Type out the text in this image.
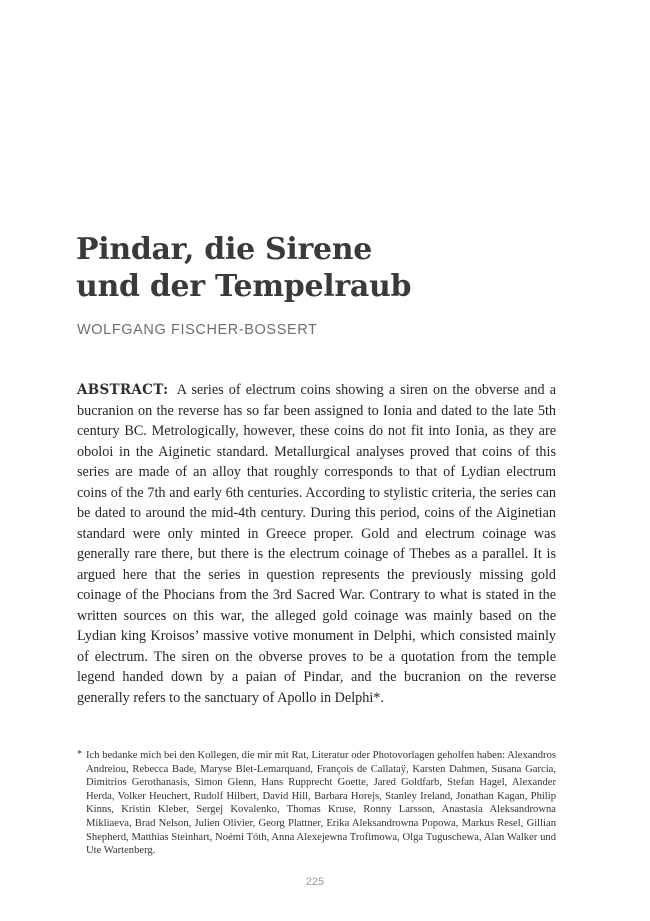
Pindar, die Sirene
und der Tempelraub

WOLFGANG FISCHER-BOSSERT

ABSTRACT: A series of electrum coins showing a siren on the obverse and a bucranion on the reverse has so far been assigned to Ionia and dated to the late 5th century BC. Metrologically, however, these coins do not fit into Ionia, as they are oboloi in the Aiginetic standard. Metallurgical analyses proved that coins of this series are made of an alloy that roughly corresponds to that of Lydian electrum coins of the 7th and early 6th centuries. According to stylistic criteria, the series can be dated to around the mid-4th century. During this period, coins of the Aiginetian standard were only minted in Greece proper. Gold and electrum coinage was generally rare there, but there is the electrum coinage of Thebes as a parallel. It is argued here that the series in question represents the previously missing gold coinage of the Phocians from the 3rd Sacred War. Contrary to what is stated in the written sources on this war, the alleged gold coinage was mainly based on the Lydian king Kroisos’ massive votive monument in Delphi, which consisted mainly of electrum. The siren on the obverse proves to be a quotation from the temple legend handed down by a paian of Pindar, and the bucranion on the reverse generally refers to the sanctuary of Apollo in Delphi*.

* Ich bedanke mich bei den Kollegen, die mir mit Rat, Literatur oder Photovorlagen geholfen haben: Alexandros Andreiou, Rebecca Bade, Maryse Blet-Lemarquand, François de Callataÿ, Karsten Dahmen, Susana Garcia, Dimitrios Gerothanasis, Simon Glenn, Hans Rupprecht Goette, Jared Goldfarb, Stefan Hagel, Alexander Herda, Volker Heuchert, Rudolf Hilbert, David Hill, Barbara Horejs, Stanley Ireland, Jonathan Kagan, Philip Kinns, Kristin Kleber, Sergej Kovalenko, Thomas Kruse, Ronny Larsson, Anastasia Aleksandrowna Mikliaeva, Brad Nelson, Julien Olivier, Georg Plattner, Erika Aleksandrowna Popowa, Markus Resel, Gillian Shepherd, Matthias Steinhart, Noémi Tóth, Anna Alexejewna Trofimowa, Olga Tuguschewa, Alan Walker und Ute Wartenberg.

225
